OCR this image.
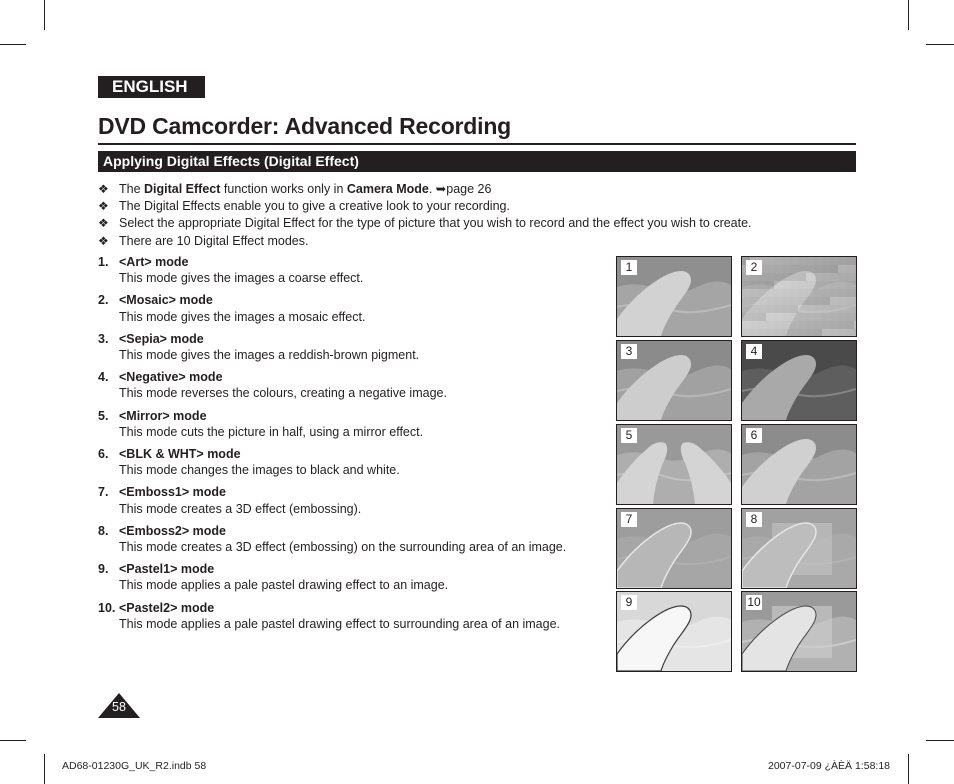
ENGLISH
DVD Camcorder: Advanced Recording
Applying Digital Effects (Digital Effect)
❖ The Digital Effect function works only in Camera Mode. ➥page 26
❖ The Digital Effects enable you to give a creative look to your recording.
❖ Select the appropriate Digital Effect for the type of picture that you wish to record and the effect you wish to create.
❖ There are 10 Digital Effect modes.
1. <Art> mode
This mode gives the images a coarse effect.
2. <Mosaic> mode
This mode gives the images a mosaic effect.
3. <Sepia> mode
This mode gives the images a reddish-brown pigment.
4. <Negative> mode
This mode reverses the colours, creating a negative image.
5. <Mirror> mode
This mode cuts the picture in half, using a mirror effect.
6. <BLK & WHT> mode
This mode changes the images to black and white.
7. <Emboss1> mode
This mode creates a 3D effect (embossing).
8. <Emboss2> mode
This mode creates a 3D effect (embossing) on the surrounding area of an image.
9. <Pastel1> mode
This mode applies a pale pastel drawing effect to an image.
10. <Pastel2> mode
This mode applies a pale pastel drawing effect to surrounding area of an image.
1	2
3	4
5	6
7	8
9	10
58
AD68-01230G_UK_R2.indb 58	2007-07-09 ¿ÀÈÄ 1:58:18
